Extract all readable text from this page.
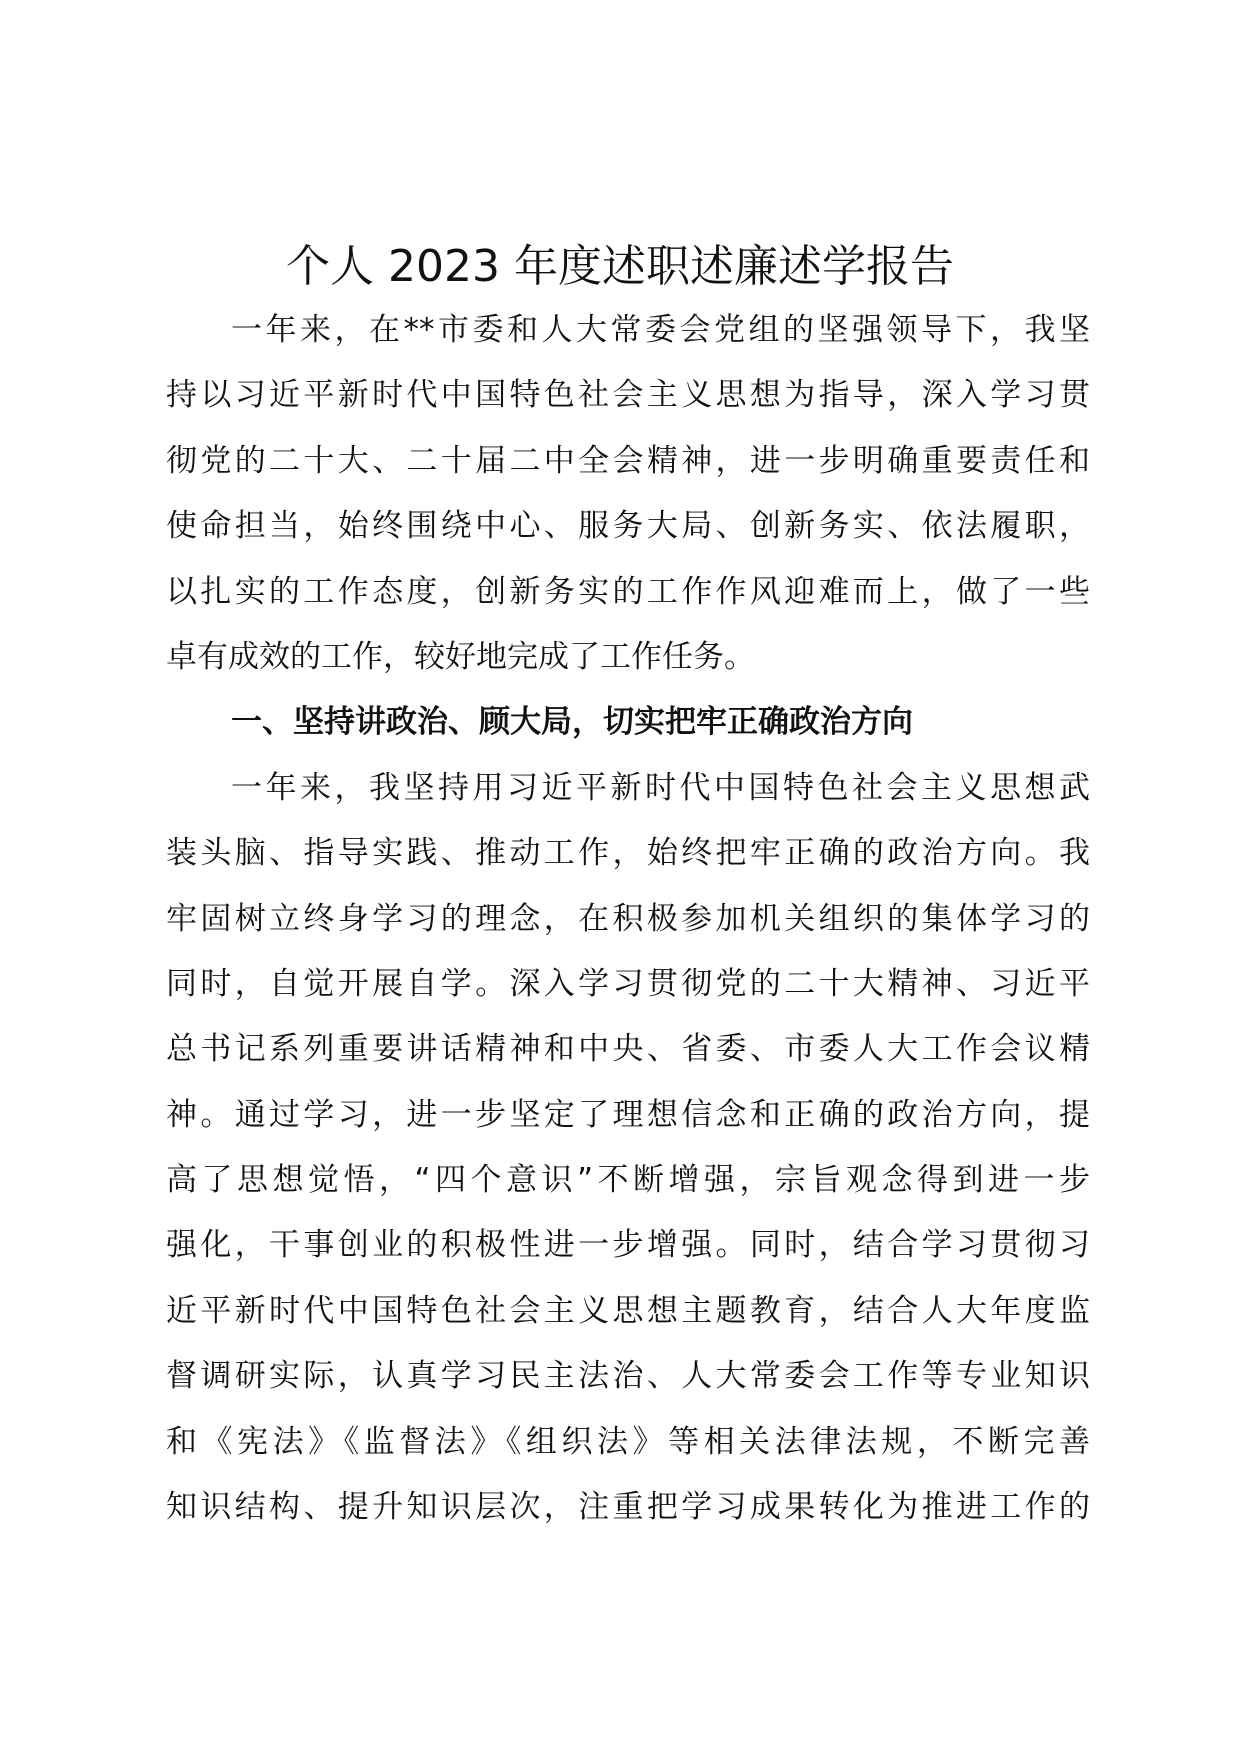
个人 2023 年度述职述廉述学报告
一年来，在**市委和人大常委会党组的坚强领导下，我坚
持以习近平新时代中国特色社会主义思想为指导，深入学习贯
彻党的二十大、二十届二中全会精神，进一步明确重要责任和
使命担当，始终围绕中心、服务大局、创新务实、依法履职，
以扎实的工作态度，创新务实的工作作风迎难而上，做了一些
卓有成效的工作，较好地完成了工作任务。
一、坚持讲政治、顾大局，切实把牢正确政治方向
一年来，我坚持用习近平新时代中国特色社会主义思想武
装头脑、指导实践、推动工作，始终把牢正确的政治方向。我
牢固树立终身学习的理念，在积极参加机关组织的集体学习的
同时，自觉开展自学。深入学习贯彻党的二十大精神、习近平
总书记系列重要讲话精神和中央、省委、市委人大工作会议精
神。通过学习，进一步坚定了理想信念和正确的政治方向，提
高了思想觉悟，“四个意识”不断增强，宗旨观念得到进一步
强化，干事创业的积极性进一步增强。同时，结合学习贯彻习
近平新时代中国特色社会主义思想主题教育，结合人大年度监
督调研实际，认真学习民主法治、人大常委会工作等专业知识
和《宪法》《监督法》《组织法》等相关法律法规，不断完善
知识结构、提升知识层次，注重把学习成果转化为推进工作的
